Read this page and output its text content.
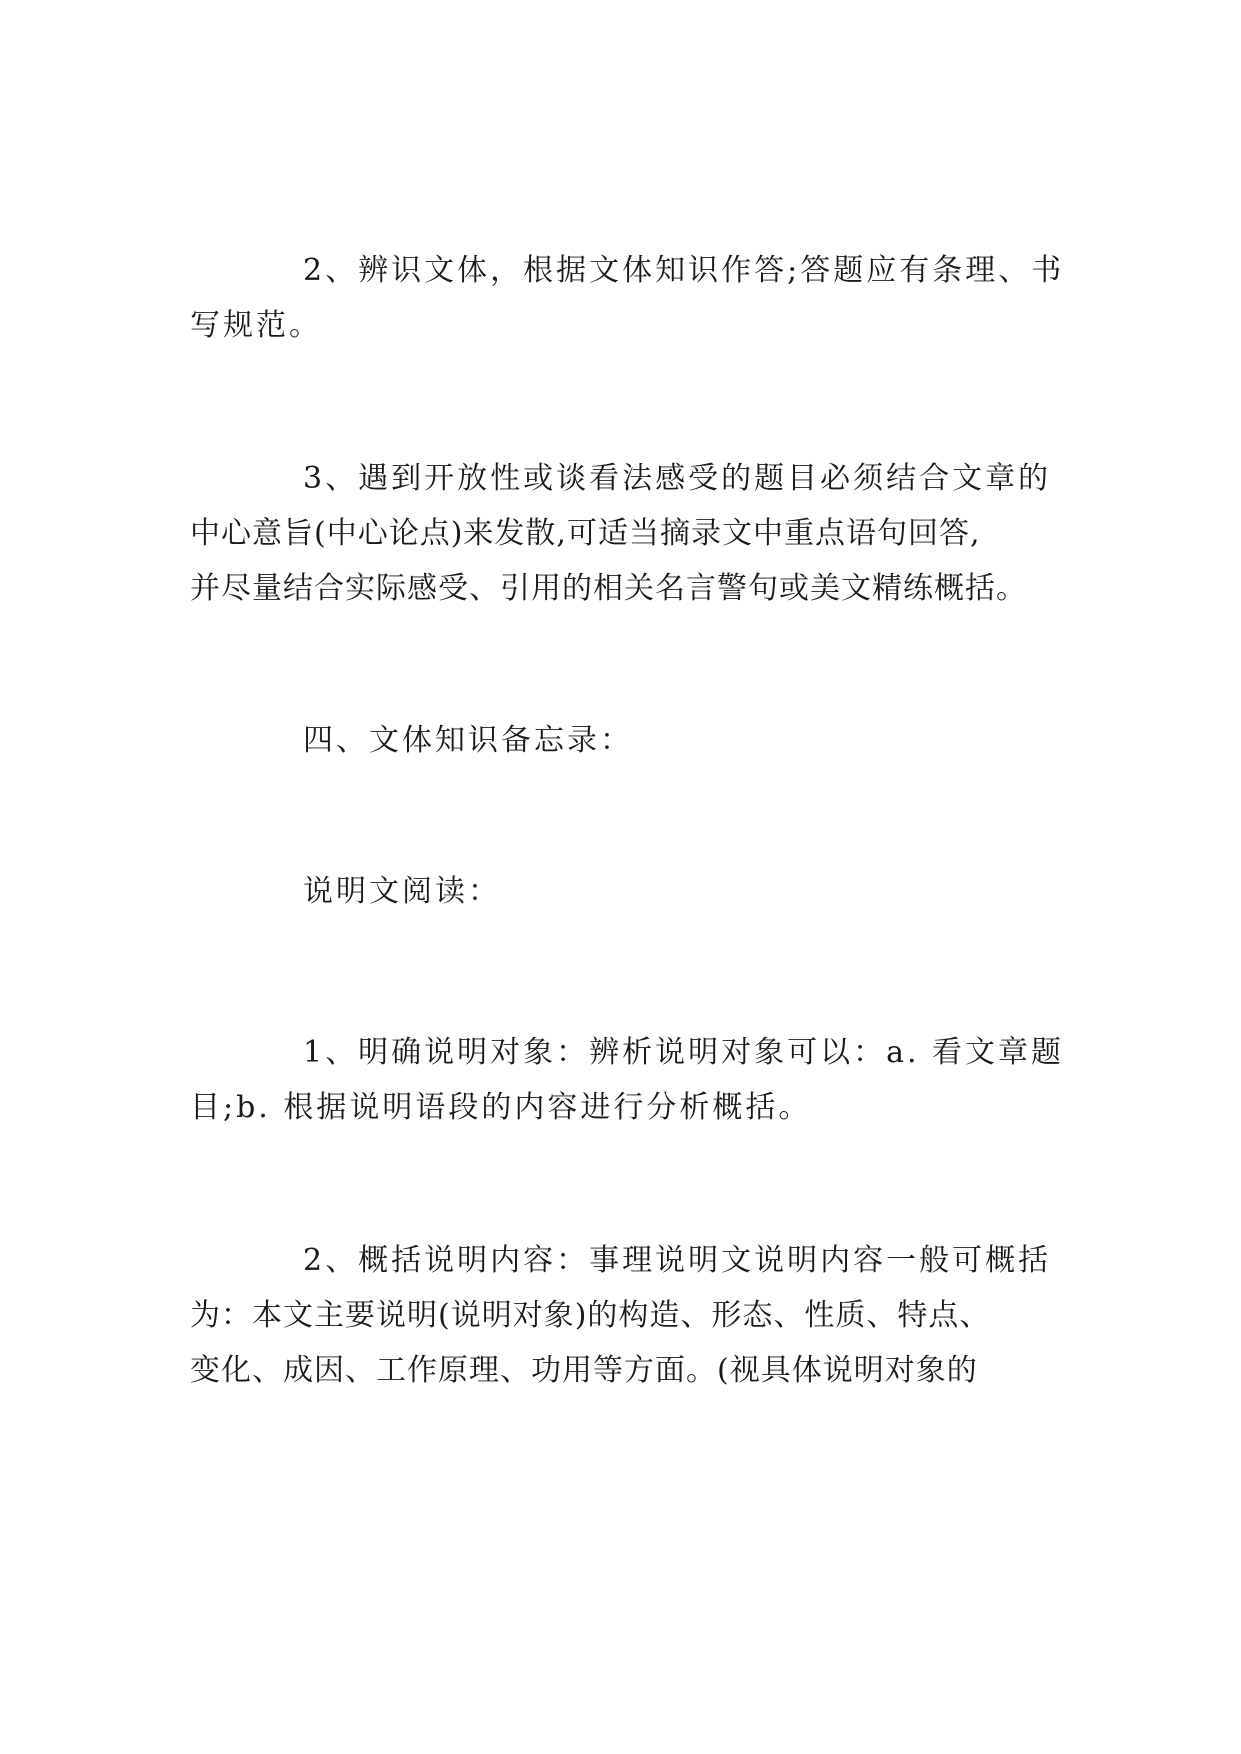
2、辨识文体，根据文体知识作答;答题应有条理、书
写规范。
3、遇到开放性或谈看法感受的题目必须结合文章的
中心意旨(中心论点)来发散,可适当摘录文中重点语句回答,
并尽量结合实际感受、引用的相关名言警句或美文精练概括。
四、文体知识备忘录：
说明文阅读：
1、明确说明对象：辨析说明对象可以：a. 看文章题
目;b. 根据说明语段的内容进行分析概括。
2、概括说明内容：事理说明文说明内容一般可概括
为：本文主要说明(说明对象)的构造、形态、性质、特点、
变化、成因、工作原理、功用等方面。(视具体说明对象的
